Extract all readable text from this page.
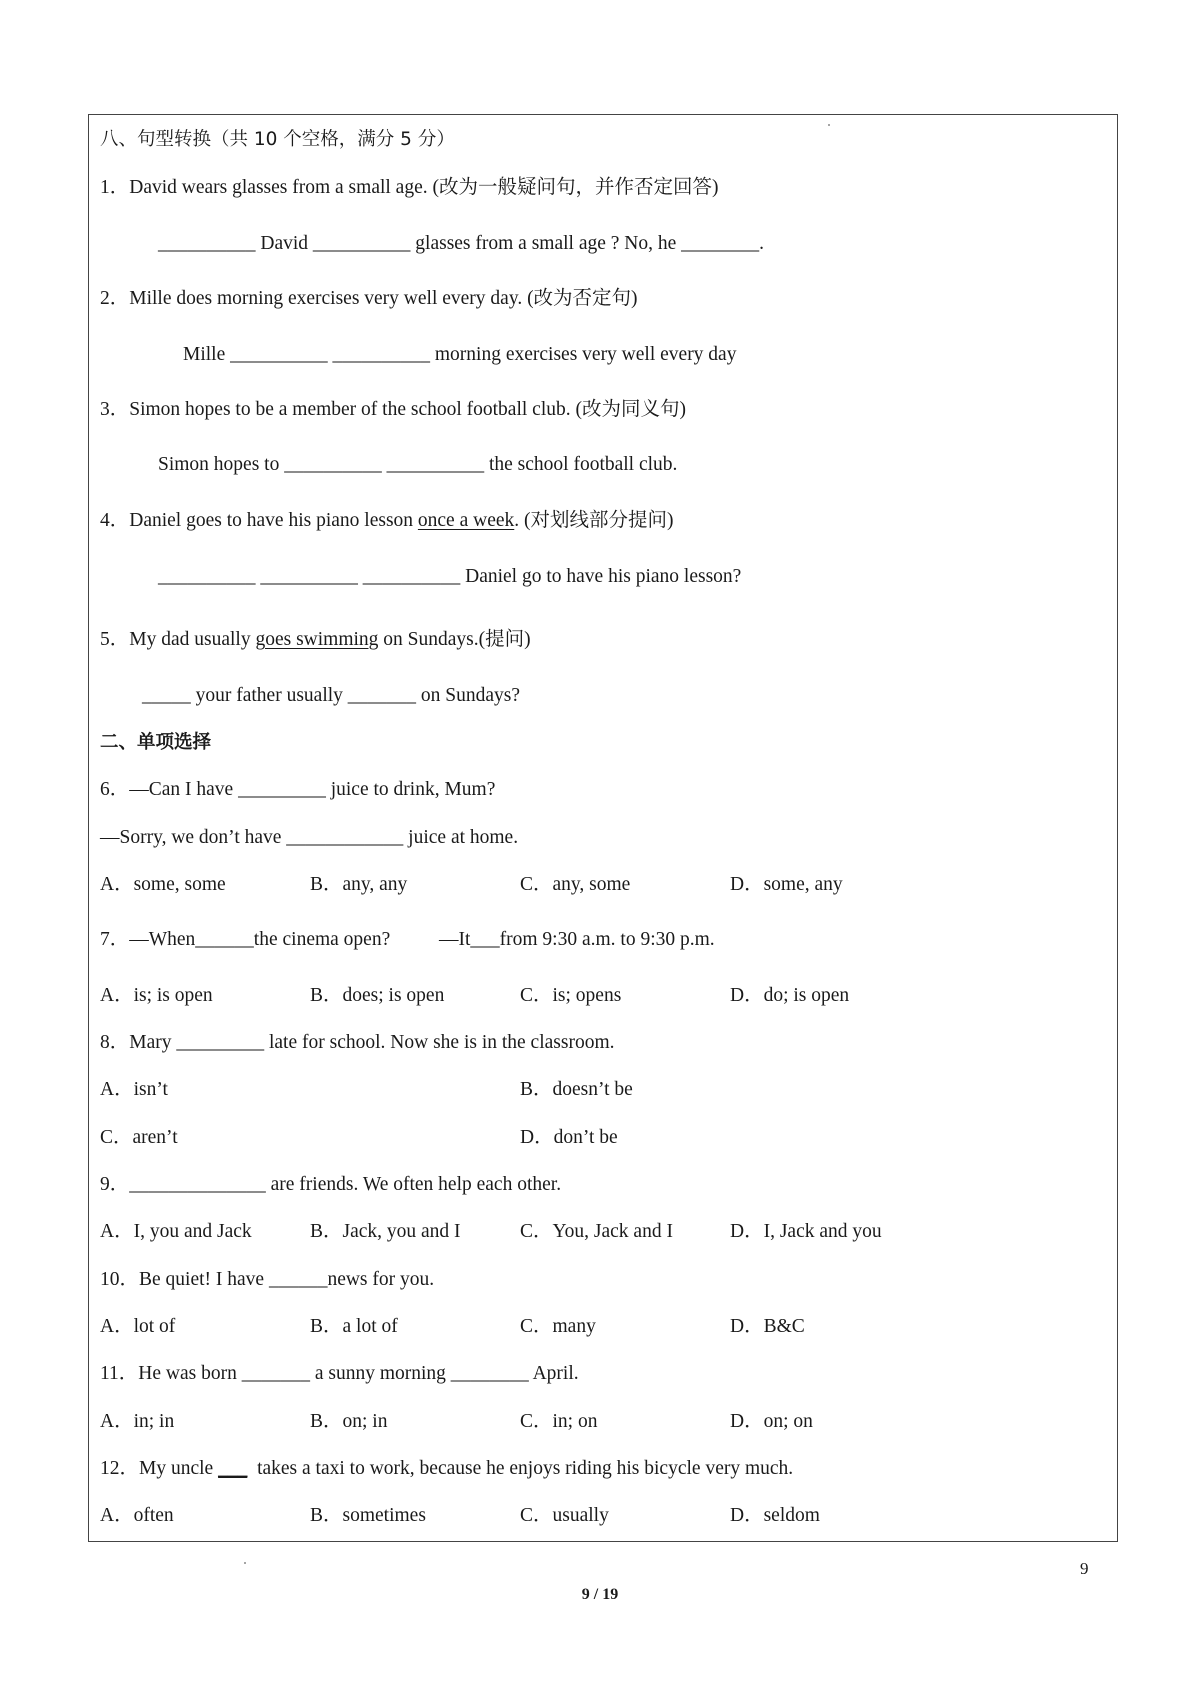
八、句型转换（共 10 个空格，满分 5 分）
1．David wears glasses from a small age. (改为一般疑问句，并作否定回答)
__________ David __________ glasses from a small age ? No, he ________.
2．Mille does morning exercises very well every day. (改为否定句)
Mille __________ __________ morning exercises very well every day
3．Simon hopes to be a member of the school football club. (改为同义句)
Simon hopes to __________ __________ the school football club.
4．Daniel goes to have his piano lesson once a week. (对划线部分提问)
__________ __________ __________ Daniel go to have his piano lesson?
5．My dad usually goes swimming on Sundays.(提问)
_____ your father usually _______ on Sundays?
二、单项选择
6．—Can I have _________ juice to drink, Mum?
—Sorry, we don’t have ____________ juice at home.
A．some, some	B．any, any	C．any, some	D．some, any
7．—When______the cinema open?          —It___from 9:30 a.m. to 9:30 p.m.
A．is; is open	B．does; is open	C．is; opens	D．do; is open
8．Mary _________ late for school. Now she is in the classroom.
A．isn’t	B．doesn’t be
C．aren’t	D．don’t be
9．______________ are friends. We often help each other.
A．I, you and Jack	B．Jack, you and I	C．You, Jack and I	D．I, Jack and you
10．Be quiet! I have ______news for you.
A．lot of	B．a lot of	C．many	D．B&C
11．He was born _______ a sunny morning ________ April.
A．in; in	B．on; in	C．in; on	D．on; on
12．My uncle ___  takes a taxi to work, because he enjoys riding his bicycle very much.
A．often	B．sometimes	C．usually	D．seldom
9
9 / 19
